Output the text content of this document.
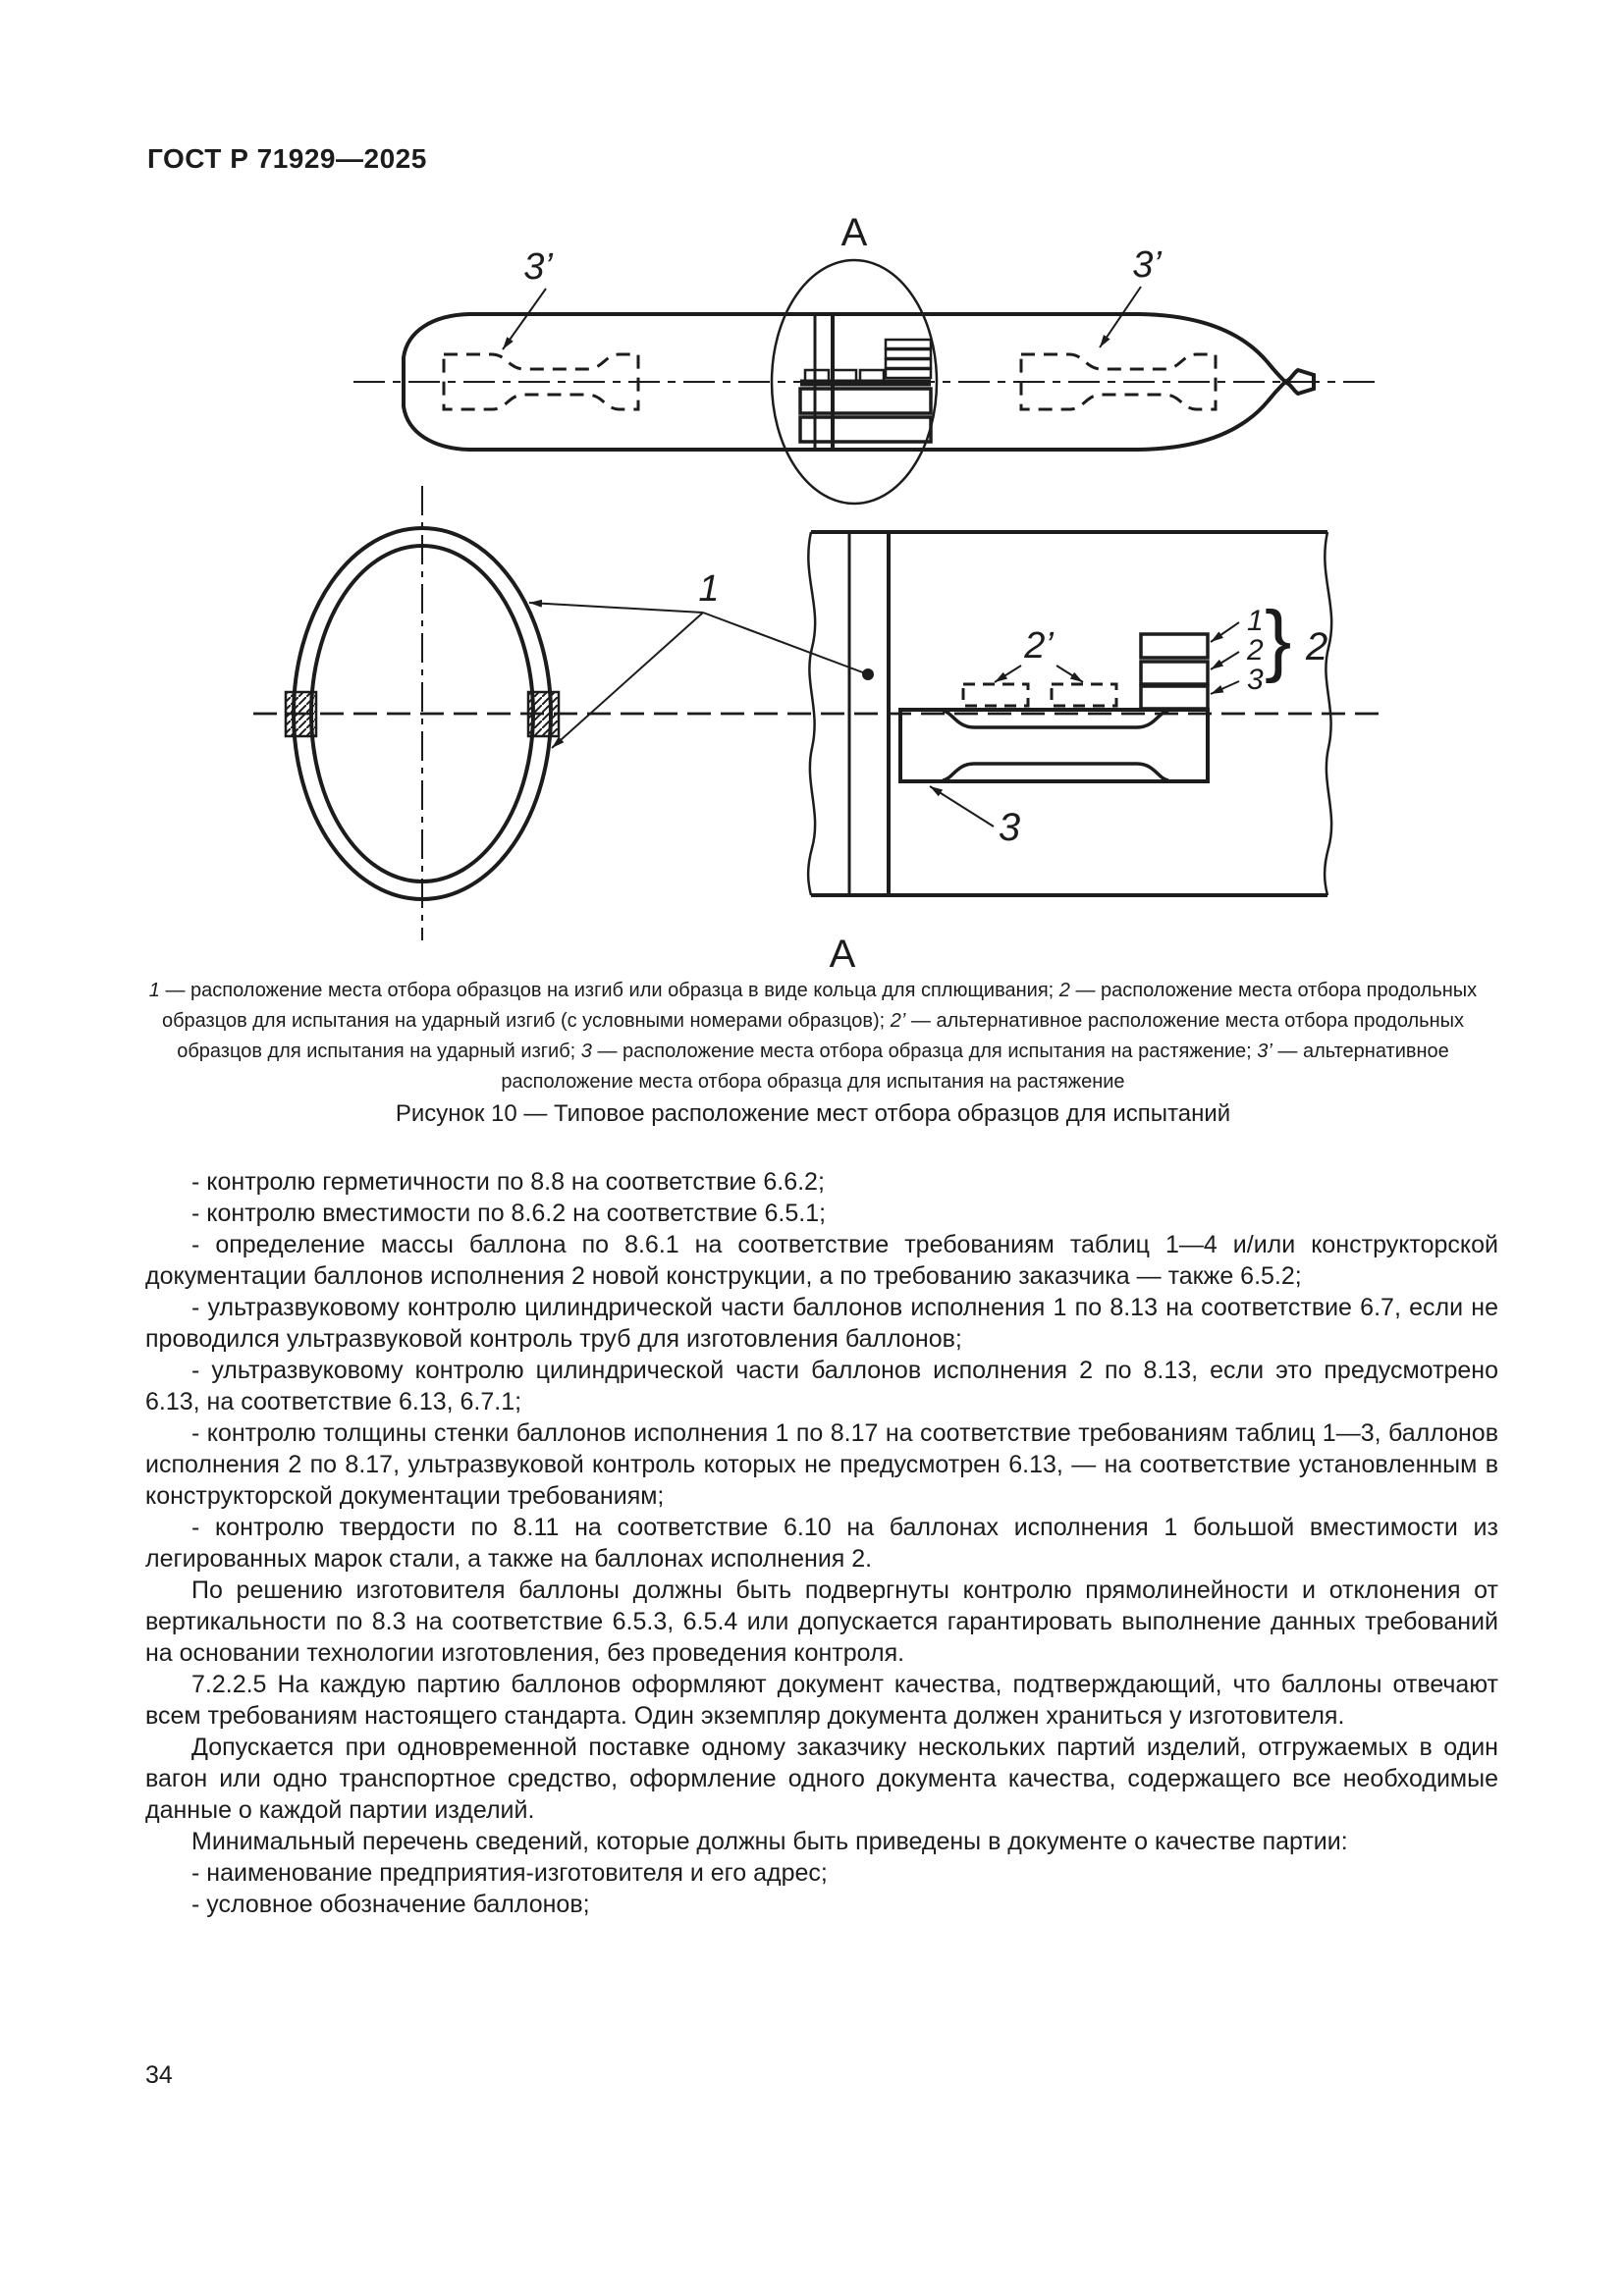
ГОСТ Р 71929—2025
A
3’	3’
1
2’
1
2
3 } 2
3
A
1 — расположение места отбора образцов на изгиб или образца в виде кольца для сплющивания; 2 — расположение места отбора продольных образцов для испытания на ударный изгиб (с условными номерами образцов); 2’ — альтернативное расположение места отбора продольных образцов для испытания на ударный изгиб; 3 — расположение места отбора образца для испытания на растяжение; 3’ — альтернативное расположение места отбора образца для испытания на растяжение
Рисунок 10 — Типовое расположение мест отбора образцов для испытаний

- контролю герметичности по 8.8 на соответствие 6.6.2;

- контролю вместимости по 8.6.2 на соответствие 6.5.1;

- определение массы баллона по 8.6.1 на соответствие требованиям таблиц 1—4 и/или конструкторской документации баллонов исполнения 2 новой конструкции, а по требованию заказчика — также 6.5.2;

- ультразвуковому контролю цилиндрической части баллонов исполнения 1 по 8.13 на соответствие 6.7, если не проводился ультразвуковой контроль труб для изготовления баллонов;

- ультразвуковому контролю цилиндрической части баллонов исполнения 2 по 8.13, если это предусмотрено 6.13, на соответствие 6.13, 6.7.1;

- контролю толщины стенки баллонов исполнения 1 по 8.17 на соответствие требованиям таблиц 1—3, баллонов исполнения 2 по 8.17, ультразвуковой контроль которых не предусмотрен 6.13, — на соответствие установленным в конструкторской документации требованиям;

- контролю твердости по 8.11 на соответствие 6.10 на баллонах исполнения 1 большой вместимости из легированных марок стали, а также на баллонах исполнения 2.

По решению изготовителя баллоны должны быть подвергнуты контролю прямолинейности и отклонения от вертикальности по 8.3 на соответствие 6.5.3, 6.5.4 или допускается гарантировать выполнение данных требований на основании технологии изготовления, без проведения контроля.

7.2.2.5 На каждую партию баллонов оформляют документ качества, подтверждающий, что баллоны отвечают всем требованиям настоящего стандарта. Один экземпляр документа должен храниться у изготовителя.

Допускается при одновременной поставке одному заказчику нескольких партий изделий, отгружаемых в один вагон или одно транспортное средство, оформление одного документа качества, содержащего все необходимые данные о каждой партии изделий.

Минимальный перечень сведений, которые должны быть приведены в документе о качестве партии:

- наименование предприятия-изготовителя и его адрес;

- условное обозначение баллонов;

34
